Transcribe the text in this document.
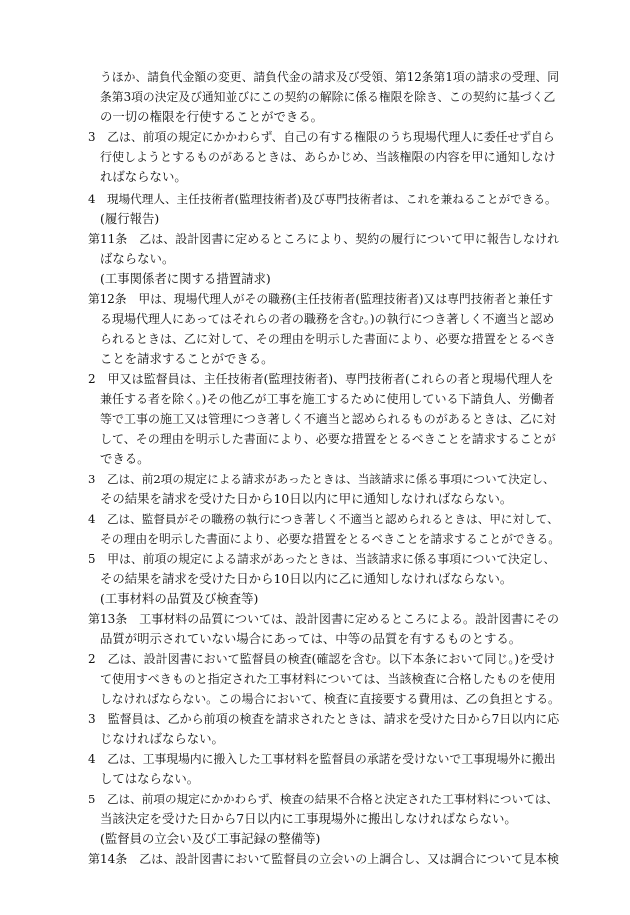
うほか、請負代金額の変更、請負代金の請求及び受領、第12条第1項の請求の受理、同

条第3項の決定及び通知並びにこの契約の解除に係る権限を除き、この契約に基づく乙

の一切の権限を行使することができる。

3　乙は、前項の規定にかかわらず、自己の有する権限のうち現場代理人に委任せず自ら

行使しようとするものがあるときは、あらかじめ、当該権限の内容を甲に通知しなけ

ればならない。

4　現場代理人、主任技術者(監理技術者)及び専門技術者は、これを兼ねることができる。

(履行報告)

第11条　乙は、設計図書に定めるところにより、契約の履行について甲に報告しなけれ

ばならない。

(工事関係者に関する措置請求)

第12条　甲は、現場代理人がその職務(主任技術者(監理技術者)又は専門技術者と兼任す

る現場代理人にあってはそれらの者の職務を含む。)の執行につき著しく不適当と認め

られるときは、乙に対して、その理由を明示した書面により、必要な措置をとるべき

ことを請求することができる。

2　甲又は監督員は、主任技術者(監理技術者)、専門技術者(これらの者と現場代理人を

兼任する者を除く。)その他乙が工事を施工するために使用している下請負人、労働者

等で工事の施工又は管理につき著しく不適当と認められるものがあるときは、乙に対

して、その理由を明示した書面により、必要な措置をとるべきことを請求することが

できる。

3　乙は、前2項の規定による請求があったときは、当該請求に係る事項について決定し、

その結果を請求を受けた日から10日以内に甲に通知しなければならない。

4　乙は、監督員がその職務の執行につき著しく不適当と認められるときは、甲に対して、

その理由を明示した書面により、必要な措置をとるべきことを請求することができる。

5　甲は、前項の規定による請求があったときは、当該請求に係る事項について決定し、

その結果を請求を受けた日から10日以内に乙に通知しなければならない。

(工事材料の品質及び検査等)

第13条　工事材料の品質については、設計図書に定めるところによる。設計図書にその

品質が明示されていない場合にあっては、中等の品質を有するものとする。

2　乙は、設計図書において監督員の検査(確認を含む。以下本条において同じ。)を受け

て使用すべきものと指定された工事材料については、当該検査に合格したものを使用

しなければならない。この場合において、検査に直接要する費用は、乙の負担とする。

3　監督員は、乙から前項の検査を請求されたときは、請求を受けた日から7日以内に応

じなければならない。

4　乙は、工事現場内に搬入した工事材料を監督員の承諾を受けないで工事現場外に搬出

してはならない。

5　乙は、前項の規定にかかわらず、検査の結果不合格と決定された工事材料については、

当該決定を受けた日から7日以内に工事現場外に搬出しなければならない。

(監督員の立会い及び工事記録の整備等)

第14条　乙は、設計図書において監督員の立会いの上調合し、又は調合について見本検
